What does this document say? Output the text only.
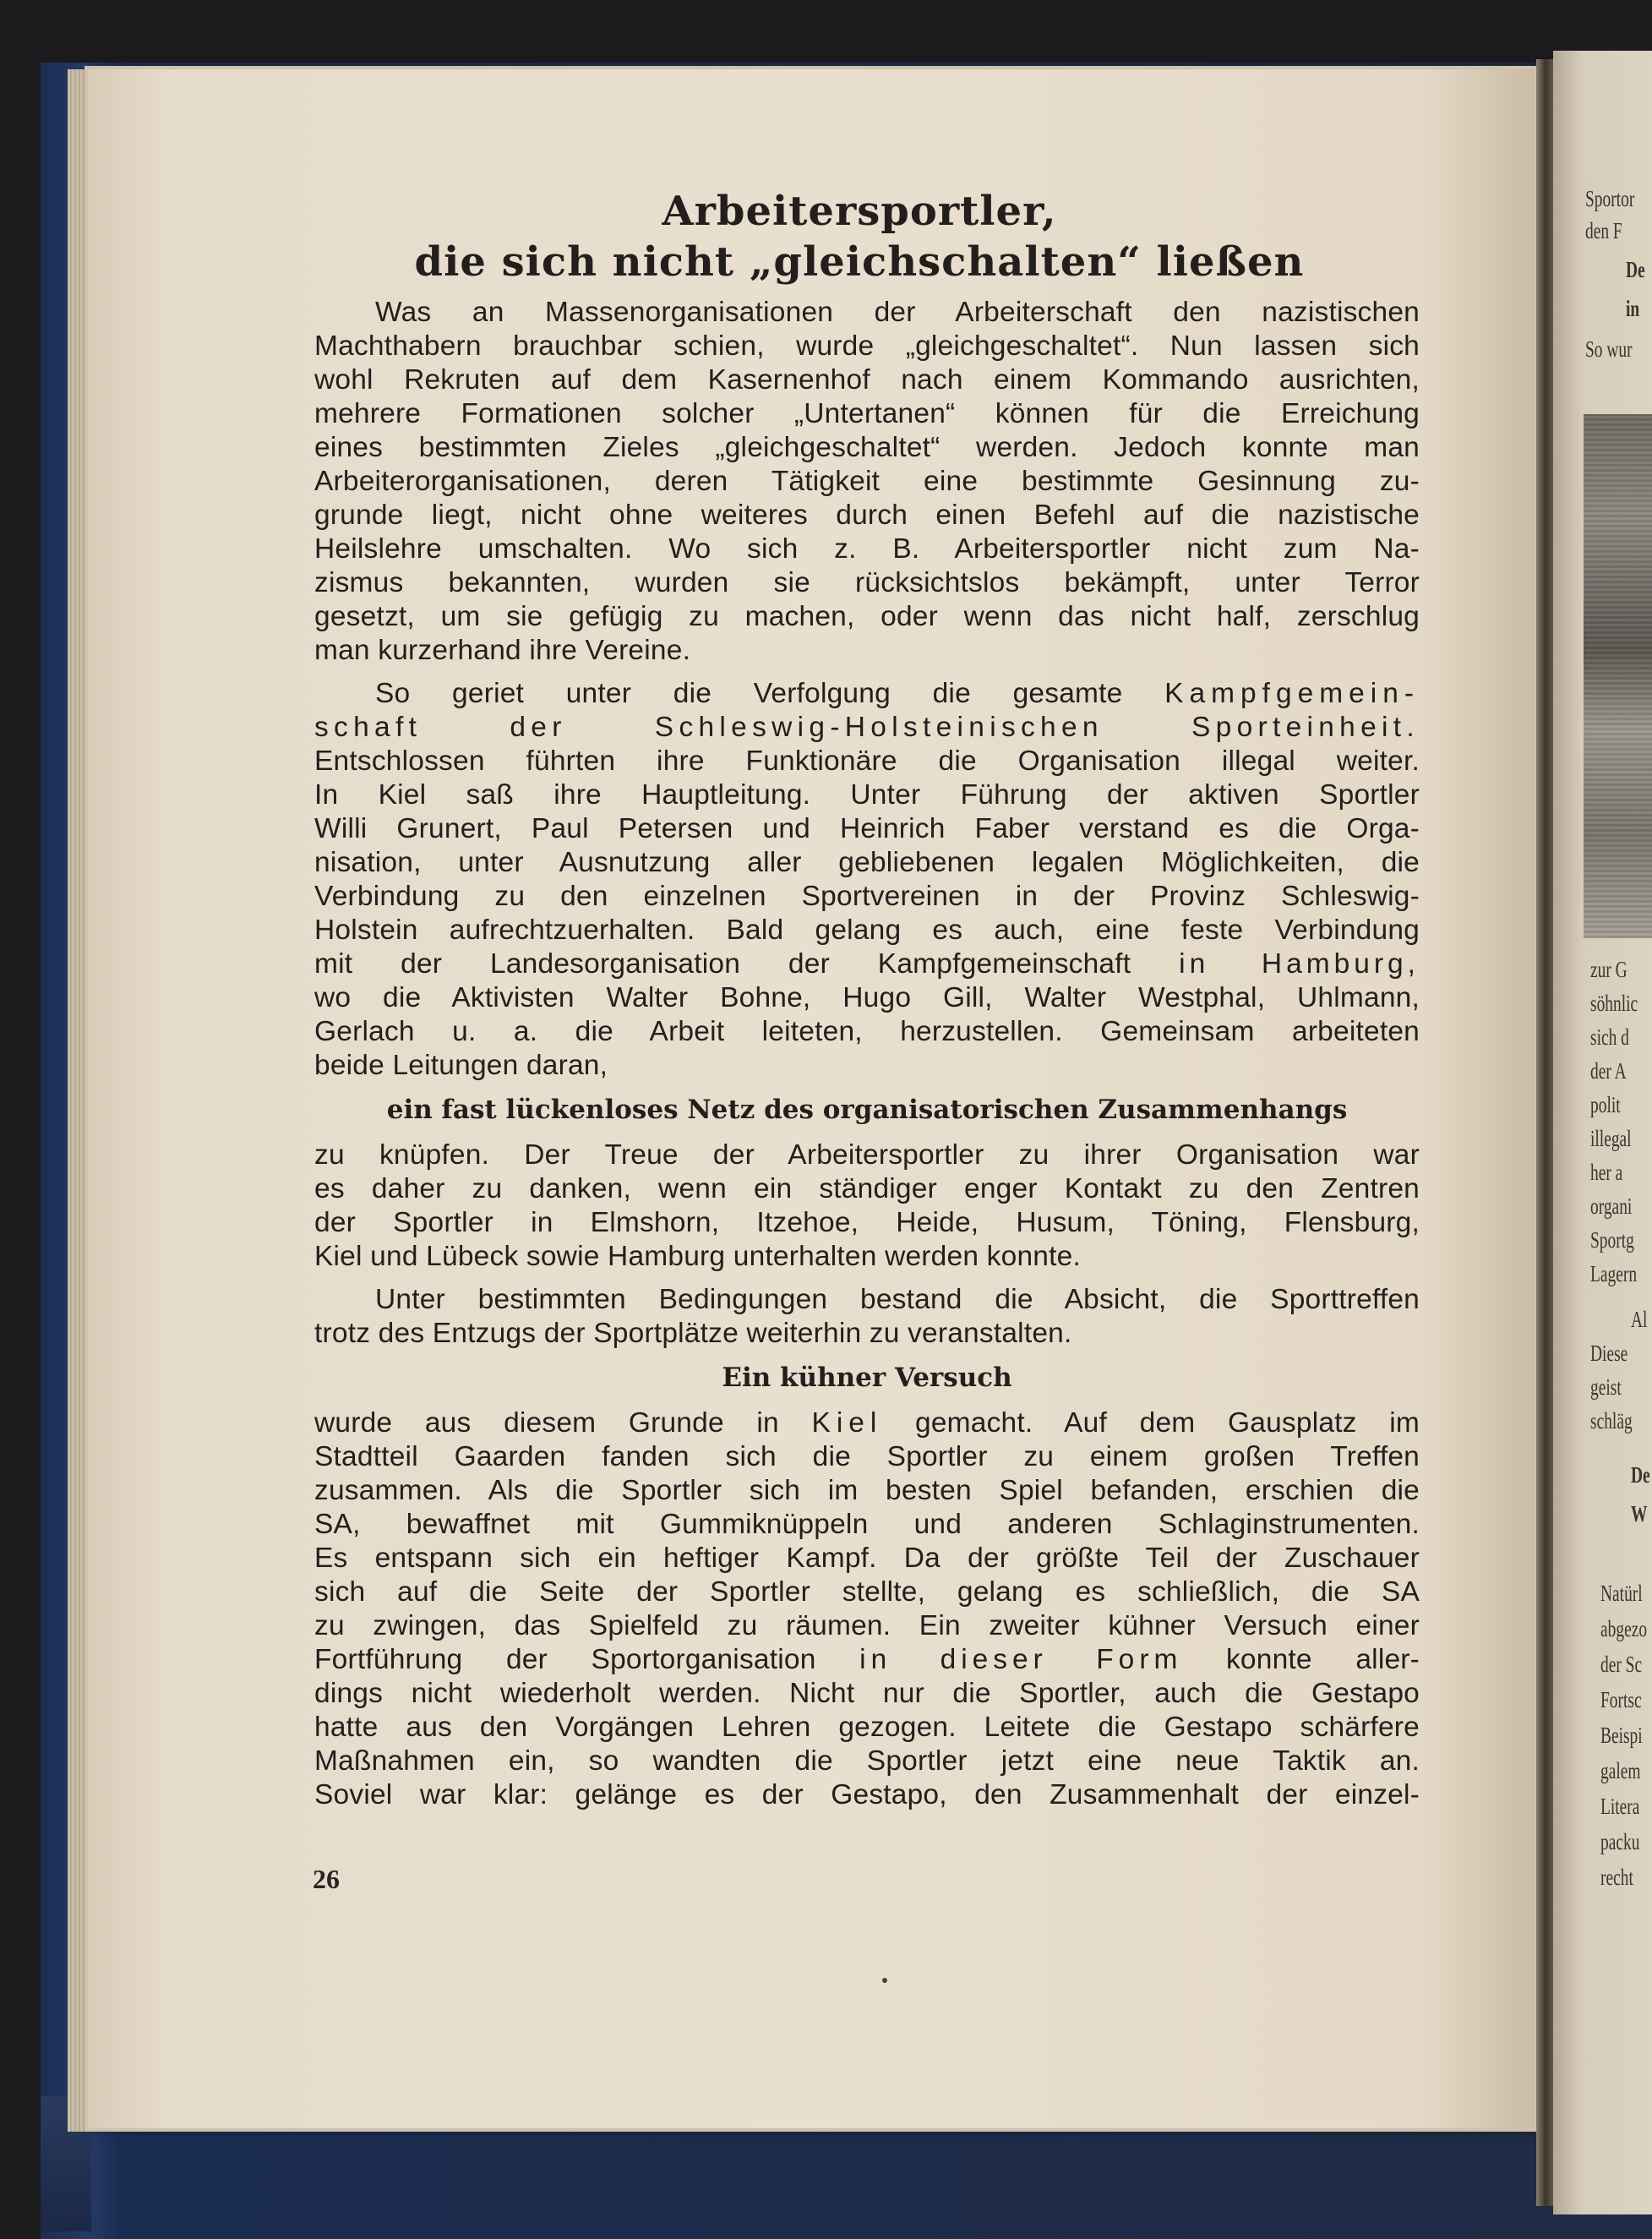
Sportor
den F
De
in
So wur
zur G
söhnlic
sich d
der A
polit
illegal
her a
organi
Sportg
Lagern
Al
Diese
geist
schläg
De
W
Natürl
abgezo
der Sc
Fortsc
Beispi
galem
Litera
packu
recht
Arbeitersportler,
die sich nicht „gleichschalten“ ließen
Was an Massenorganisationen der Arbeiterschaft den nazistischen
Machthabern brauchbar schien, wurde „gleichgeschaltet“. Nun lassen sich
wohl Rekruten auf dem Kasernenhof nach einem Kommando ausrichten,
mehrere Formationen solcher „Untertanen“ können für die Erreichung
eines bestimmten Zieles „gleichgeschaltet“ werden. Jedoch konnte man
Arbeiterorganisationen, deren Tätigkeit eine bestimmte Gesinnung zu-
grunde liegt, nicht ohne weiteres durch einen Befehl auf die nazistische
Heilslehre umschalten. Wo sich z. B. Arbeitersportler nicht zum Na-
zismus bekannten, wurden sie rücksichtslos bekämpft, unter Terror
gesetzt, um sie gefügig zu machen, oder wenn das nicht half, zerschlug
man kurzerhand ihre Vereine.
So geriet unter die Verfolgung die gesamte Kampfgemein-
schaft der Schleswig-Holsteinischen Sporteinheit.
Entschlossen führten ihre Funktionäre die Organisation illegal weiter.
In Kiel saß ihre Hauptleitung. Unter Führung der aktiven Sportler
Willi Grunert, Paul Petersen und Heinrich Faber verstand es die Orga-
nisation, unter Ausnutzung aller gebliebenen legalen Möglichkeiten, die
Verbindung zu den einzelnen Sportvereinen in der Provinz Schleswig-
Holstein aufrechtzuerhalten. Bald gelang es auch, eine feste Verbindung
mit der Landesorganisation der Kampfgemeinschaft in Hamburg,
wo die Aktivisten Walter Bohne, Hugo Gill, Walter Westphal, Uhlmann,
Gerlach u. a. die Arbeit leiteten, herzustellen. Gemeinsam arbeiteten
beide Leitungen daran,
ein fast lückenloses Netz des organisatorischen Zusammenhangs
zu knüpfen. Der Treue der Arbeitersportler zu ihrer Organisation war
es daher zu danken, wenn ein ständiger enger Kontakt zu den Zentren
der Sportler in Elmshorn, Itzehoe, Heide, Husum, Töning, Flensburg,
Kiel und Lübeck sowie Hamburg unterhalten werden konnte.
Unter bestimmten Bedingungen bestand die Absicht, die Sporttreffen
trotz des Entzugs der Sportplätze weiterhin zu veranstalten.
Ein kühner Versuch
wurde aus diesem Grunde in Kiel gemacht. Auf dem Gausplatz im
Stadtteil Gaarden fanden sich die Sportler zu einem großen Treffen
zusammen. Als die Sportler sich im besten Spiel befanden, erschien die
SA, bewaffnet mit Gummiknüppeln und anderen Schlaginstrumenten.
Es entspann sich ein heftiger Kampf. Da der größte Teil der Zuschauer
sich auf die Seite der Sportler stellte, gelang es schließlich, die SA
zu zwingen, das Spielfeld zu räumen. Ein zweiter kühner Versuch einer
Fortführung der Sportorganisation in dieser Form konnte aller-
dings nicht wiederholt werden. Nicht nur die Sportler, auch die Gestapo
hatte aus den Vorgängen Lehren gezogen. Leitete die Gestapo schärfere
Maßnahmen ein, so wandten die Sportler jetzt eine neue Taktik an.
Soviel war klar: gelänge es der Gestapo, den Zusammenhalt der einzel-
26
